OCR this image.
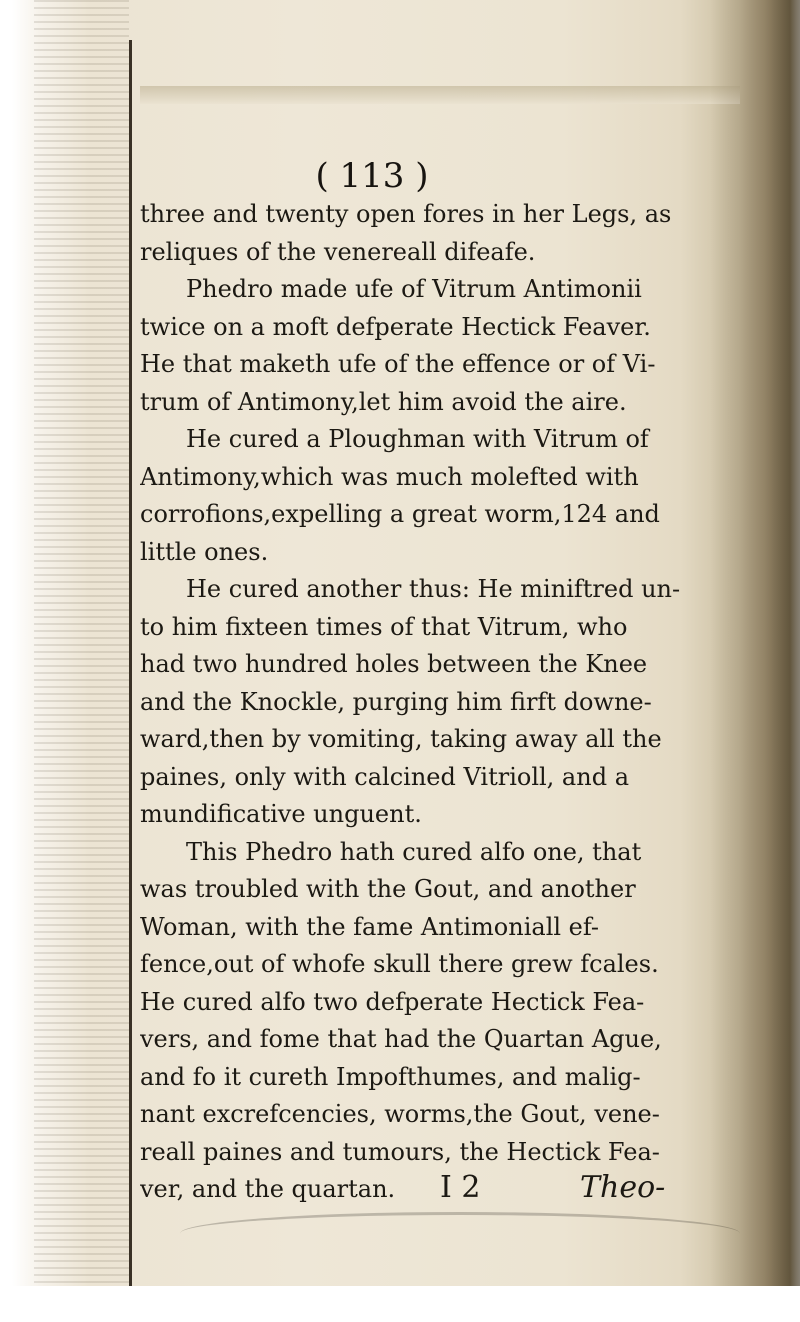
( 113 )
three and twenty open fores in her Legs, as
reliques of the venereall difeafe.
Phedro made ufe of Vitrum Antimonii
twice on a moft defperate Hectick Feaver.
He that maketh ufe of the effence or of Vi-
trum of Antimony,let him avoid the aire.
He cured a Ploughman with Vitrum of
Antimony,which was much molefted with
corrofions,expelling a great worm,124 and
little ones.
He cured another thus: He miniftred un-
to him fixteen times of that Vitrum, who
had two hundred holes between the Knee
and the Knockle, purging him firft downe-
ward,then by vomiting, taking away all the
paines, only with calcined Vitrioll, and a
mundificative unguent.
This Phedro hath cured alfo one, that
was troubled with the Gout, and another
Woman, with the fame Antimoniall ef-
fence,out of whofe skull there grew fcales.
He cured alfo two defperate Hectick Fea-
vers, and fome that had the Quartan Ague,
and fo it cureth Impofthumes, and malig-
nant excrefcencies, worms,the Gout, vene-
reall paines and tumours, the Hectick Fea-
ver, and the quartan.	I 2	Theo-
